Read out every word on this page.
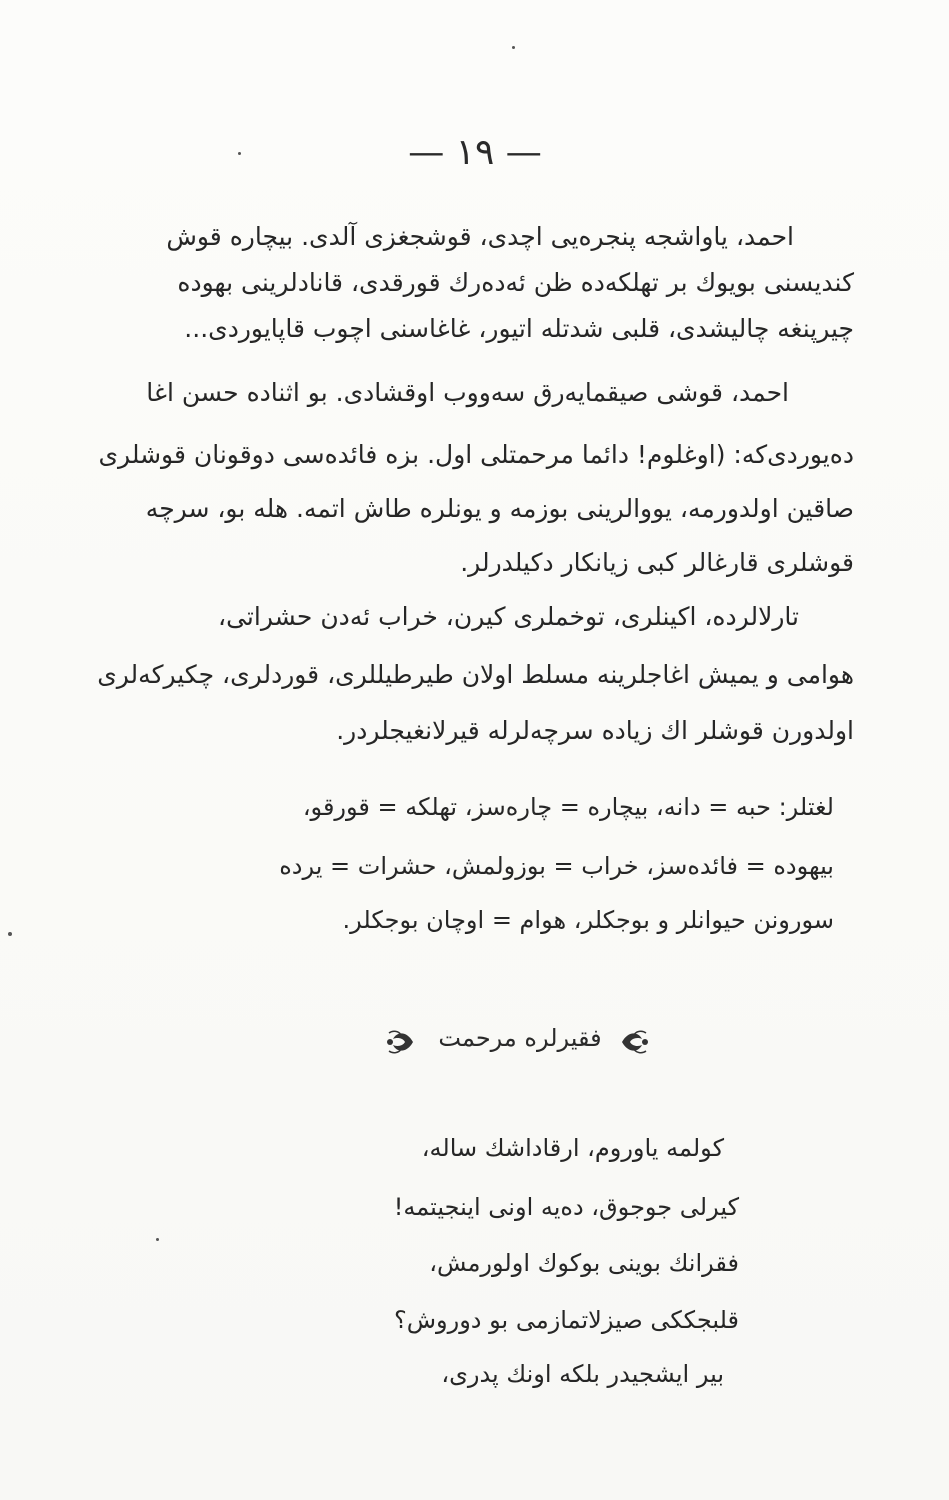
— ١٩ —
احمد، یاواشجه پنجره‌یی اچدی، قوشجغزی آلدی. بیچاره قوش
کندیسنی بویوك بر تهلکه‌ده ظن ئه‌ده‌رك قورقدی، قانادلرینی بهوده
چیرپنغه چالیشدی، قلبی شدتله اتیور، غاغاسنی اچوب قاپایوردی...
احمد، قوشی صیقمایه‌رق سه‌ووب اوقشادی. بو اثناده حسن اغا
ده‌یوردی‌که: (اوغلوم! دائما مرحمتلی اول. بزه فائده‌سی دوقونان قوشلری
صاقین اولدورمه، یووالرینی بوزمه و یونلره طاش اتمه. هله بو، سرچه
قوشلری قارغالر کبی زیانکار دکیلدرلر.
تارلالرده، اکینلری، توخملری کیرن، خراب ئه‌دن حشراتی،
هوامی و یمیش اغاجلرینه مسلط اولان طیرطیللری، قوردلری، چکیرکه‌لری
اولدورن قوشلر اك زیاده سرچه‌لرله قیرلانغیجلردر.
لغتلر: حبه = دانه، بیچاره = چاره‌سز، تهلکه = قورقو،
بیهوده = فائده‌سز، خراب = بوزولمش، حشرات = یرده
سورونن حیوانلر و بوجکلر، هوام = اوچان بوجکلر.
فقیرلره مرحمت
کولمه یاوروم، ارقاداشك ساله،
کیرلی جوجوق، ده‌یه اونی اینجیتمه!
فقرانك بوینی بوکوك اولورمش،
قلبجککی صیزلاتمازمی بو دوروش؟
بیر ایشجیدر بلکه اونك پدری،
